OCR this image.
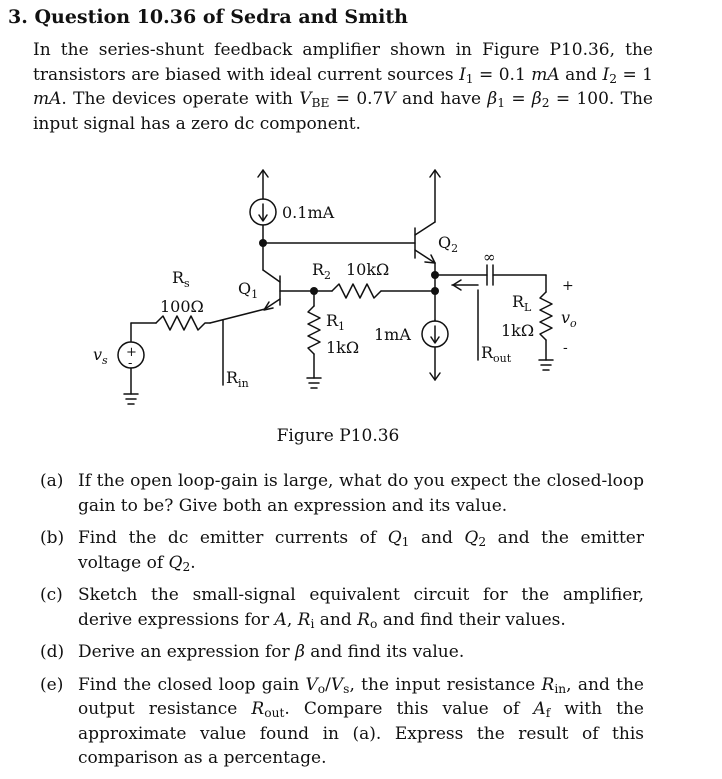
3. Question 10.36 of Sedra and Smith

In the series-shunt feedback amplifier shown in Figure P10.36, the transistors are biased with ideal current sources $I_1 = 0.1$ mA and $I_2 = 1$ mA. The devices operate with $V_{BE} = 0.7V$ and have $\beta_1 = \beta_2 = 100$. The input signal has a zero dc component.

0.1mA
$Q_1$
$Q_2$ ∞
$R_s$
100Ω
$R_2$ 10kΩ
$R_1$
1kΩ
1mA
$R_L$
1kΩ
$R_{in}$
$R_{out}$
$v_s$
+
-
+
$v_o$
-

Figure P10.36

(a) If the open loop-gain is large, what do you expect the closed-loop gain to be? Give both an expression and its value.
(b) Find the dc emitter currents of $Q_1$ and $Q_2$ and the emitter voltage of $Q_2$.
(c) Sketch the small-signal equivalent circuit for the amplifier, derive expressions for A, $R_i$ and $R_o$ and find their values.
(d) Derive an expression for β and find its value.
(e) Find the closed loop gain $V_o/V_s$, the input resistance $R_{in}$, and the output resistance $R_{out}$. Compare this value of $A_f$ with the approximate value found in (a). Express the result of this comparison as a percentage.
